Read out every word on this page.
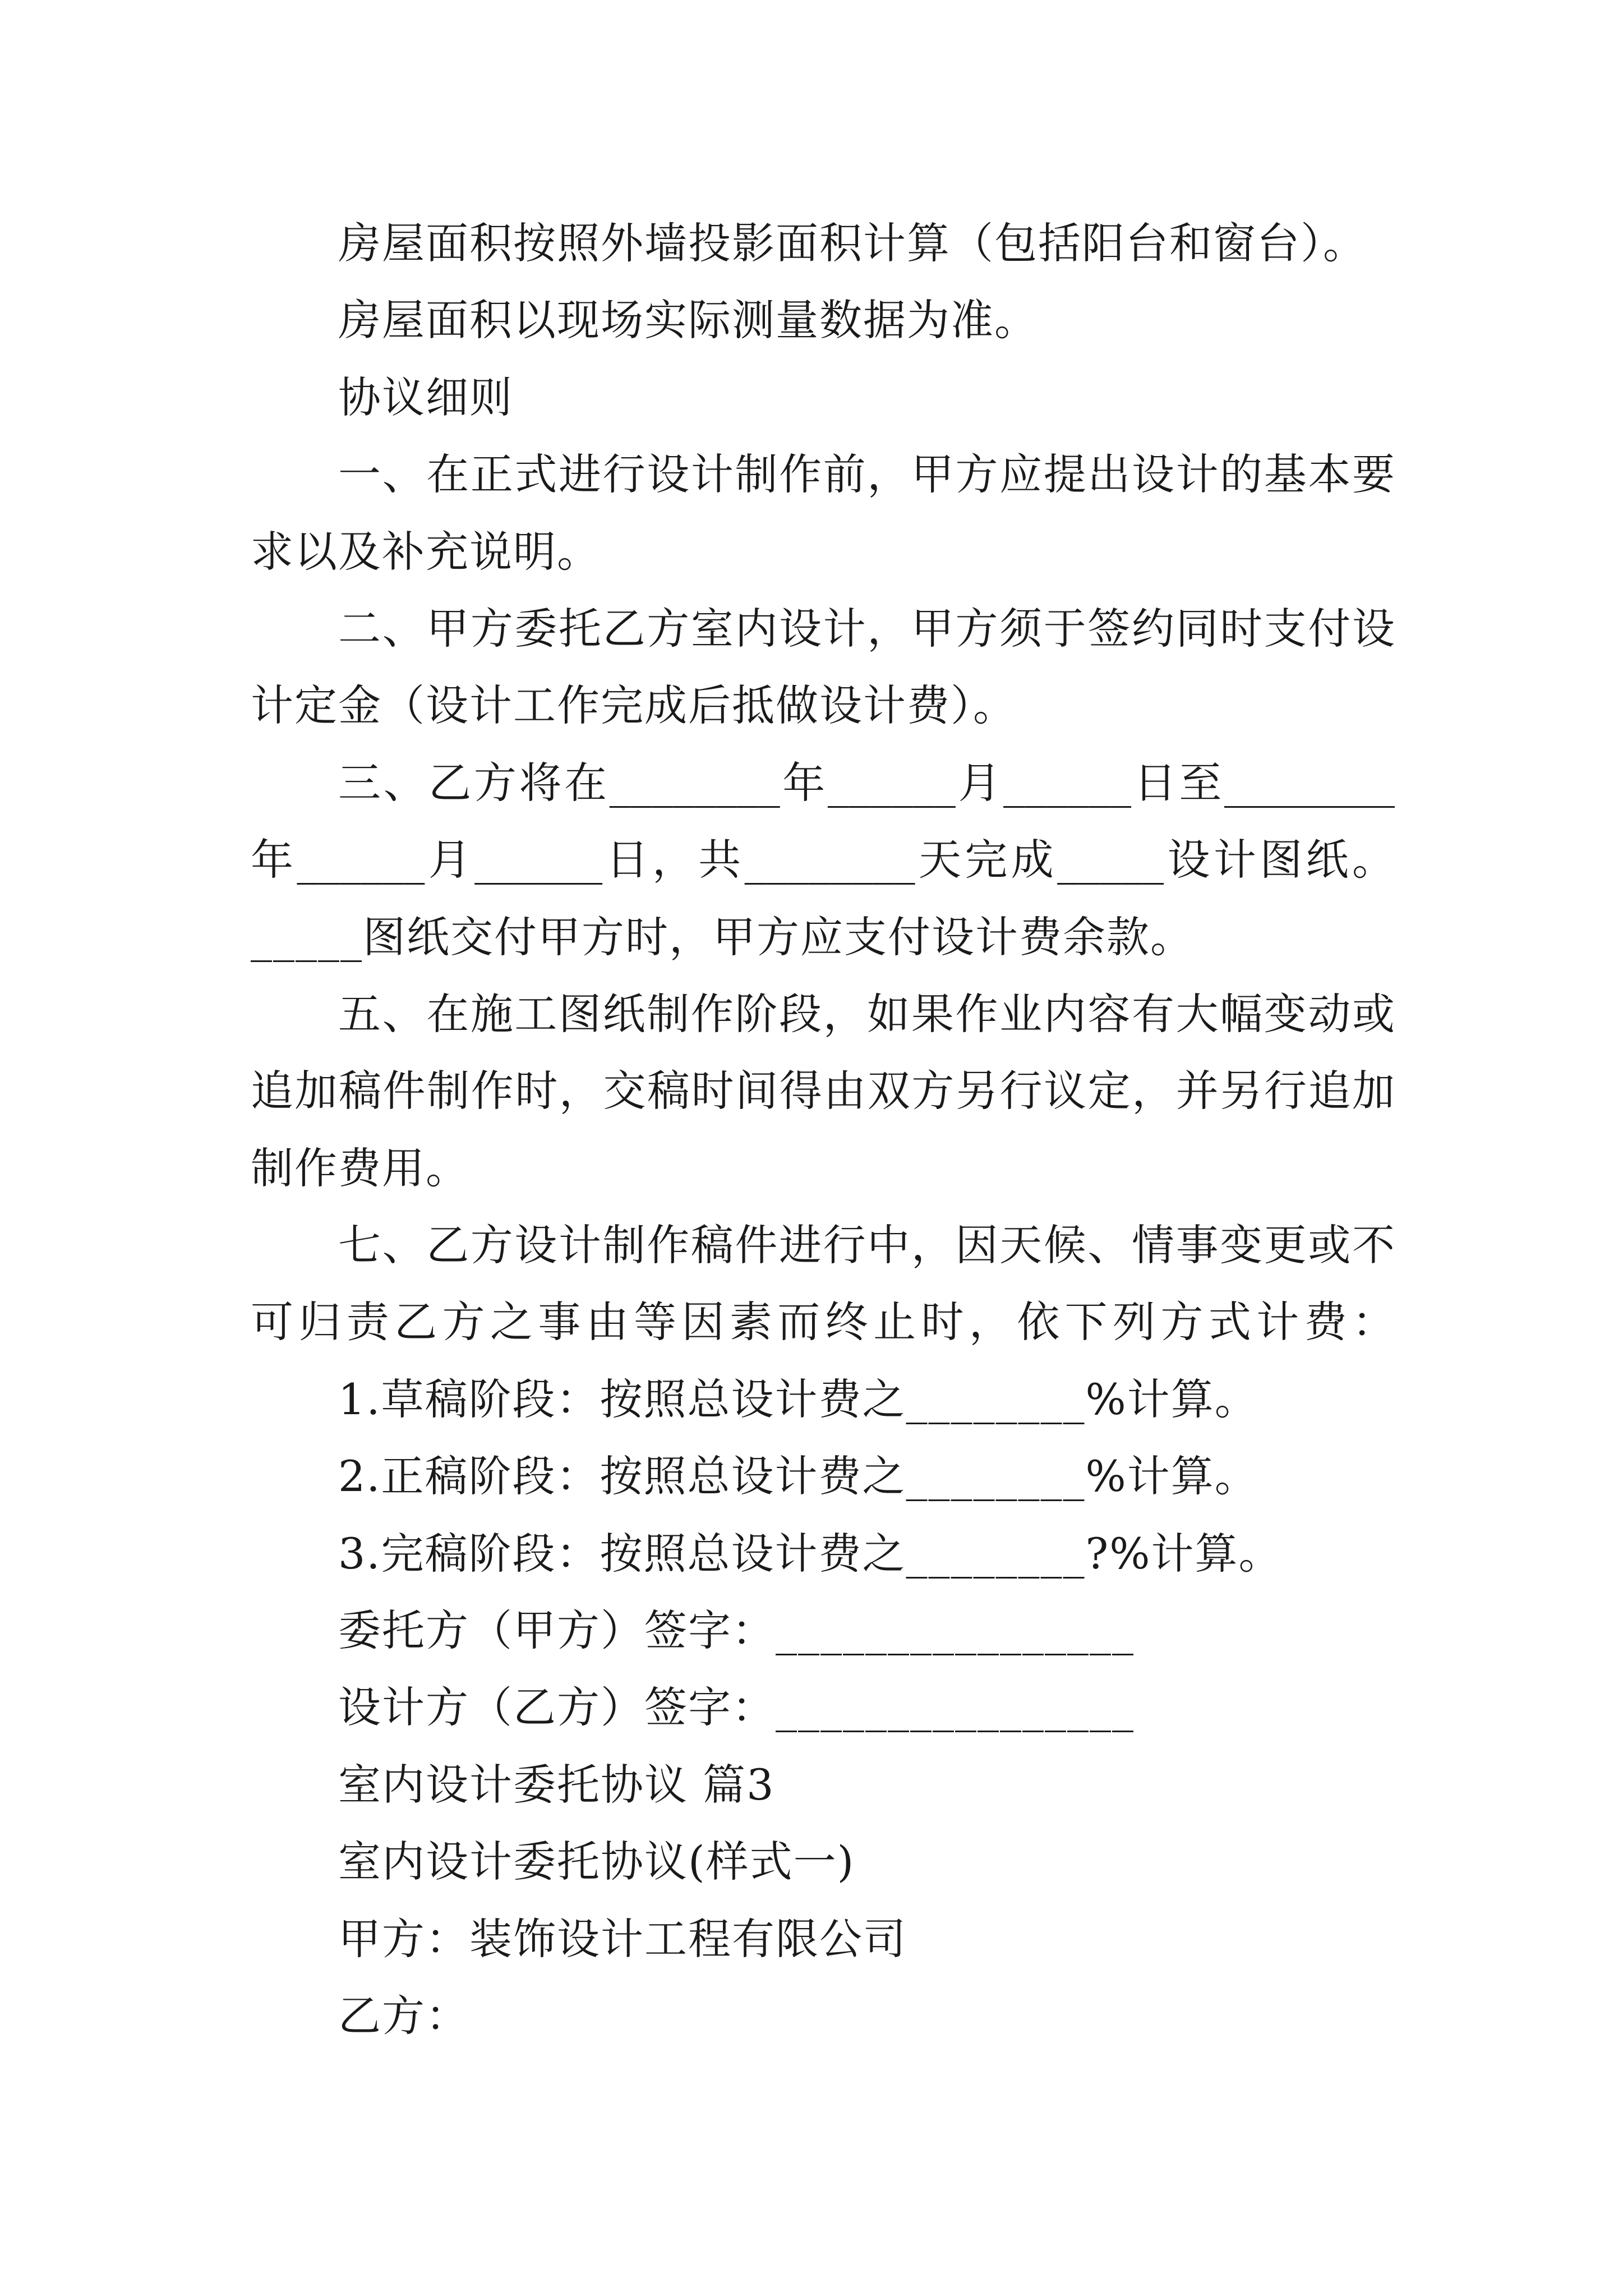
房屋面积按照外墙投影面积计算（包括阳台和窗台）。

房屋面积以现场实际测量数据为准。

协议细则

一、在正式进行设计制作前，甲方应提出设计的基本要

求以及补充说明。

二、甲方委托乙方室内设计，甲方须于签约同时支付设

计定金（设计工作完成后抵做设计费）。

三、乙方将在________年______月______日至________

年______月______日，共________天完成_____设计图纸。

_____图纸交付甲方时，甲方应支付设计费余款。

五、在施工图纸制作阶段，如果作业内容有大幅变动或

追加稿件制作时，交稿时间得由双方另行议定，并另行追加

制作费用。

七、乙方设计制作稿件进行中，因天候、情事变更或不

可归责乙方之事由等因素而终止时，依下列方式计费：

1.草稿阶段：按照总设计费之________%计算。

2.正稿阶段：按照总设计费之________%计算。

3.完稿阶段：按照总设计费之________?%计算。

委托方（甲方）签字：________________

设计方（乙方）签字：________________

室内设计委托协议 篇3

室内设计委托协议(样式一)

甲方：装饰设计工程有限公司

乙方：
